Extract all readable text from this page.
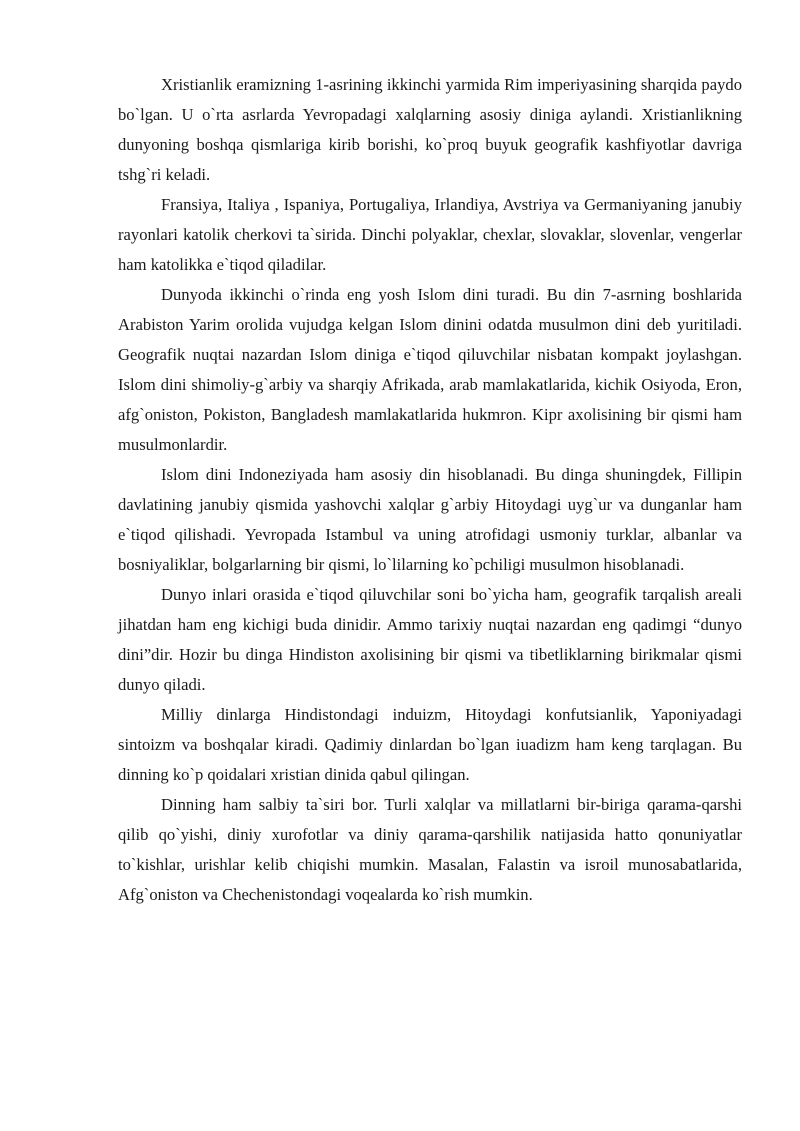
Xristianlik eramizning 1-asrining ikkinchi yarmida Rim imperiyasining sharqida paydo bo`lgan. U o`rta asrlarda Yevropadagi xalqlarning asosiy diniga aylandi. Xristianlikning dunyoning boshqa qismlariga kirib borishi, ko`proq buyuk geografik kashfiyotlar davriga tshg`ri keladi.

Fransiya, Italiya , Ispaniya, Portugaliya, Irlandiya, Avstriya va Germaniyaning janubiy rayonlari katolik cherkovi ta`sirida. Dinchi polyaklar, chexlar, slovaklar, slovenlar, vengerlar ham katolikka e`tiqod qiladilar.

Dunyoda ikkinchi o`rinda eng yosh Islom dini turadi. Bu din 7-asrning boshlarida Arabiston Yarim orolida vujudga kelgan Islom dinini odatda musulmon dini deb yuritiladi. Geografik nuqtai nazardan Islom diniga e`tiqod qiluvchilar nisbatan kompakt joylashgan. Islom dini shimoliy-g`arbiy va sharqiy Afrikada, arab mamlakatlarida, kichik Osiyoda, Eron, afg`oniston, Pokiston, Bangladesh mamlakatlarida hukmron. Kipr axolisining bir qismi ham musulmonlardir.

Islom dini Indoneziyada ham asosiy din hisoblanadi. Bu dinga shuningdek, Fillipin davlatining janubiy qismida yashovchi xalqlar g`arbiy Hitoydagi uyg`ur va dunganlar ham e`tiqod qilishadi. Yevropada Istambul va uning atrofidagi usmoniy turklar, albanlar va bosniyaliklar, bolgarlarning bir qismi, lo`lilarning ko`pchiligi musulmon hisoblanadi.

Dunyo inlari orasida e`tiqod qiluvchilar soni bo`yicha ham, geografik tarqalish areali jihatdan ham eng kichigi buda dinidir. Ammo tarixiy nuqtai nazardan eng qadimgi “dunyo dini”dir. Hozir bu dinga Hindiston axolisining bir qismi va tibetliklarning birikmalar qismi dunyo qiladi.

Milliy dinlarga Hindistondagi induizm, Hitoydagi konfutsianlik, Yaponiyadagi sintoizm va boshqalar kiradi. Qadimiy dinlardan bo`lgan iuadizm ham keng tarqlagan. Bu dinning ko`p qoidalari xristian dinida qabul qilingan.

Dinning ham salbiy ta`siri bor. Turli xalqlar va millatlarni bir-biriga qarama-qarshi qilib qo`yishi, diniy xurofotlar va diniy qarama-qarshilik natijasida hatto qonuniyatlar to`kishlar, urishlar kelib chiqishi mumkin. Masalan, Falastin va isroil munosabatlarida, Afg`oniston va Chechenistondagi voqealarda ko`rish mumkin.
